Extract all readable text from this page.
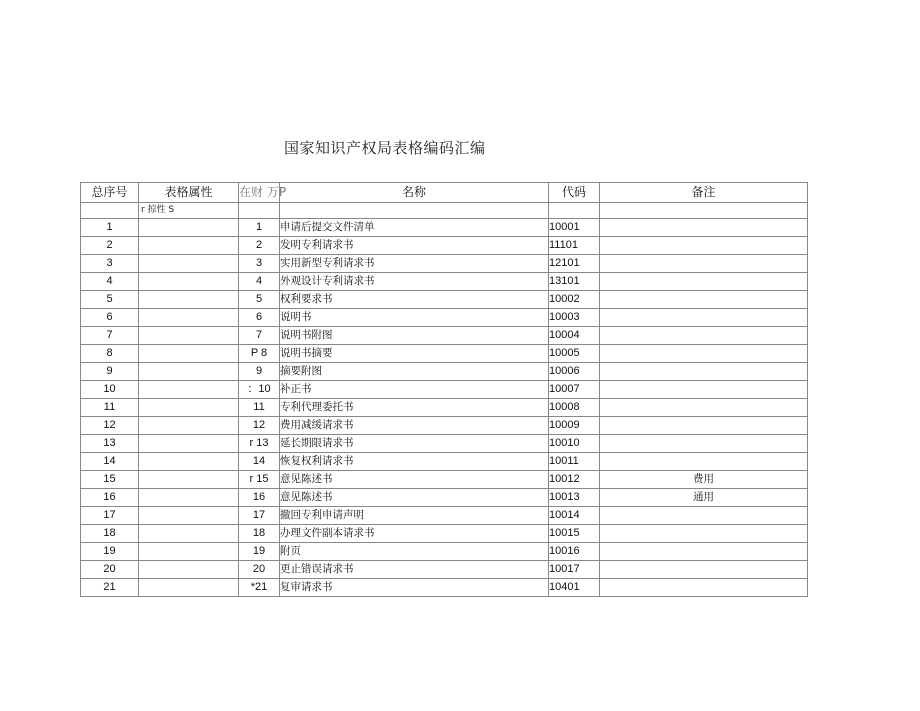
国家知识产权局表格编码汇编
总序号	表格属性	在财 万P	名称	代码	备注
	r 掠性 S				
1		1	申请后提交文件清单	10001	
2		2	发明专利请求书	11101	
3		3	实用新型专利请求书	12101	
4		4	外观设计专利请求书	13101	
5		5	权利要求书	10002	
6		6	说明书	10003	
7		7	说明书附图	10004	
8		P 8	说明书摘要	10005	
9		9	摘要附图	10006	
10		：10	补正书	10007	
11		11	专利代理委托书	10008	
12		12	费用减缓请求书	10009	
13		r 13	延长期限请求书	10010	
14		14	恢复权利请求书	10011	
15		r 15	意见陈述书	10012	费用
16		16	意见陈述书	10013	通用
17		17	撤回专利申请声明	10014	
18		18	办理文件副本请求书	10015	
19		19	附页	10016	
20		20	更止错误请求书	10017	
21		*21	复审请求书	10401	
